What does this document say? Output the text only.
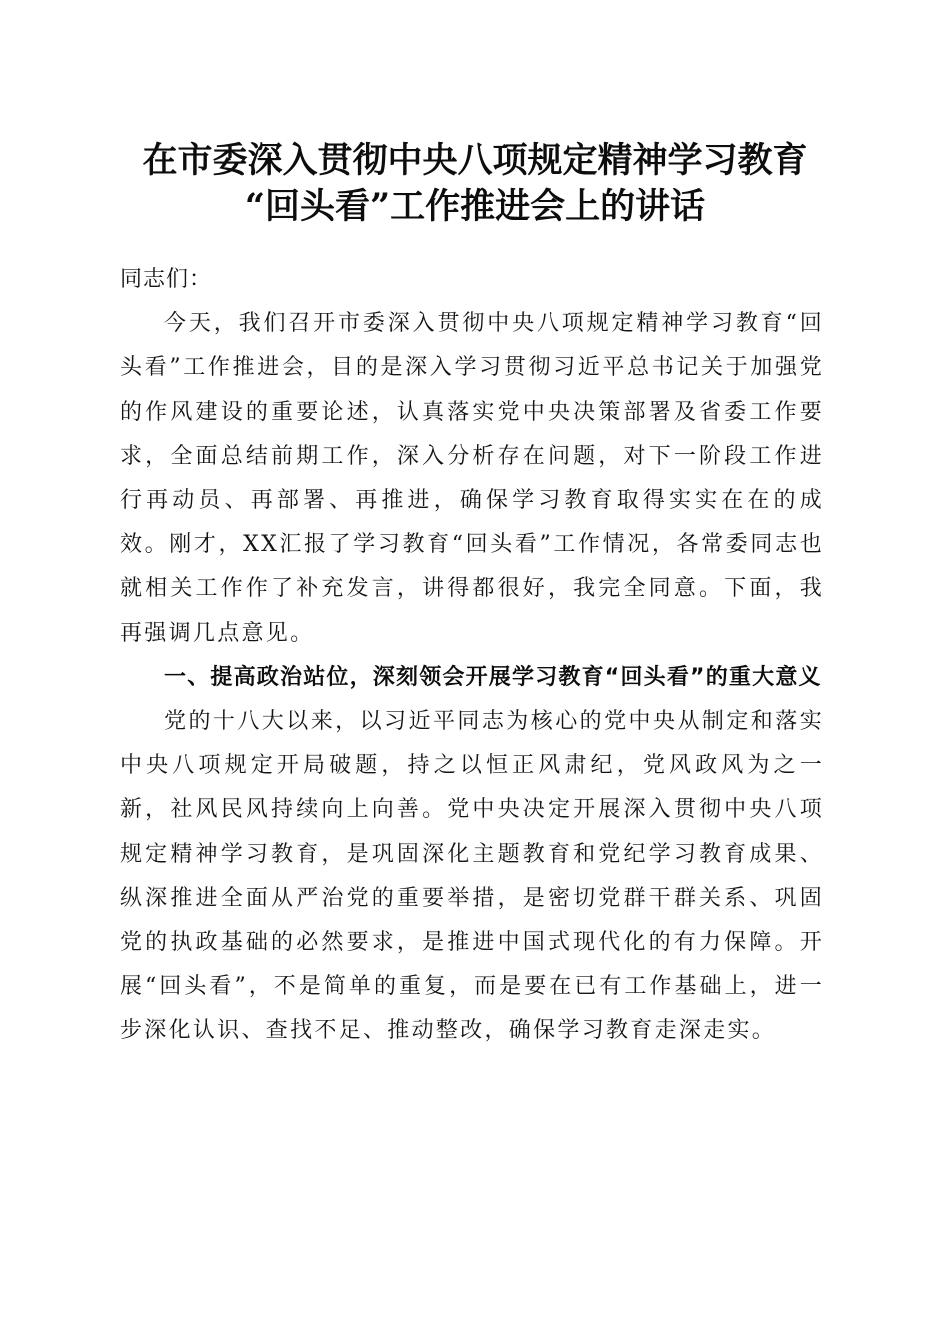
在市委深入贯彻中央八项规定精神学习教育
“回头看”工作推进会上的讲话

同志们：

今天，我们召开市委深入贯彻中央八项规定精神学习教育“回头看”工作推进会，目的是深入学习贯彻习近平总书记关于加强党的作风建设的重要论述，认真落实党中央决策部署及省委工作要求，全面总结前期工作，深入分析存在问题，对下一阶段工作进行再动员、再部署、再推进，确保学习教育取得实实在在的成效。刚才，XX汇报了学习教育“回头看”工作情况，各常委同志也就相关工作作了补充发言，讲得都很好，我完全同意。下面，我再强调几点意见。

一、提高政治站位，深刻领会开展学习教育“回头看”的重大意义

党的十八大以来，以习近平同志为核心的党中央从制定和落实中央八项规定开局破题，持之以恒正风肃纪，党风政风为之一新，社风民风持续向上向善。党中央决定开展深入贯彻中央八项规定精神学习教育，是巩固深化主题教育和党纪学习教育成果、纵深推进全面从严治党的重要举措，是密切党群干群关系、巩固党的执政基础的必然要求，是推进中国式现代化的有力保障。开展“回头看”，不是简单的重复，而是要在已有工作基础上，进一步深化认识、查找不足、推动整改，确保学习教育走深走实。
